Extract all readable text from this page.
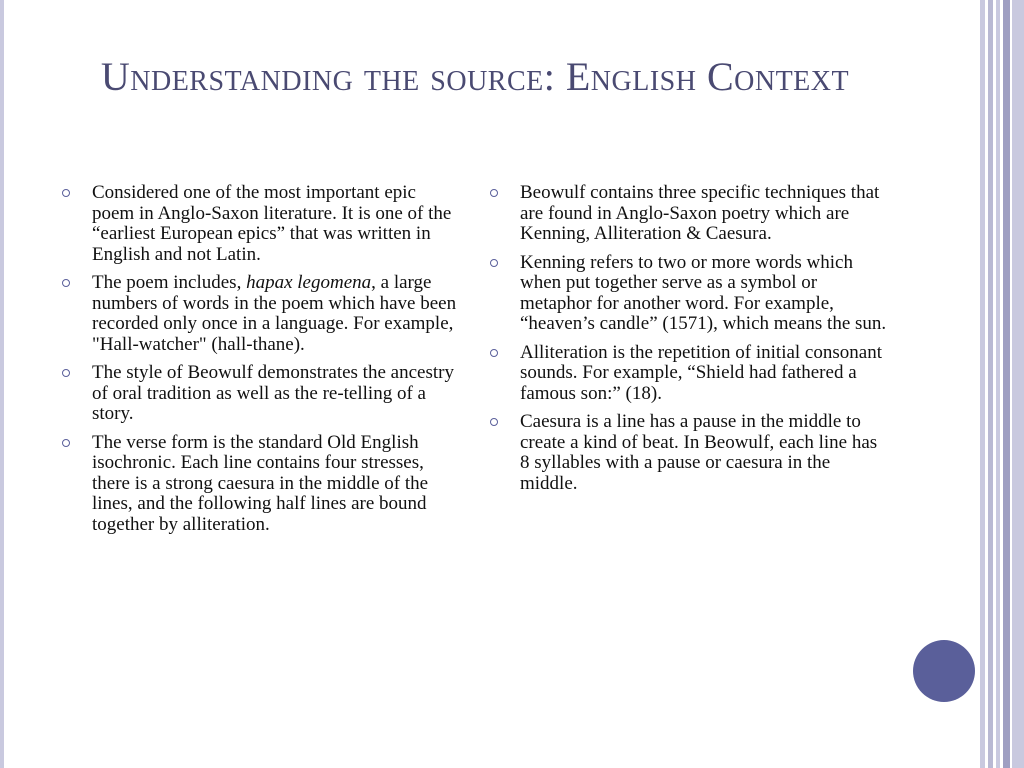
Understanding the source: English Context
Considered one of the most important epic poem in Anglo-Saxon literature. It is one of the “earliest European epics” that was written in English and not Latin.
The poem includes, hapax legomena, a large numbers of words in the poem which have been recorded only once in a language. For example, "Hall-watcher" (hall-thane).
The style of Beowulf demonstrates the ancestry of oral tradition as well as the re-telling of a story.
The verse form is the standard Old English isochronic. Each line contains four stresses, there is a strong caesura in the middle of the lines, and the following half lines are bound together by alliteration.
Beowulf contains three specific techniques that are found in Anglo-Saxon poetry which are Kenning, Alliteration & Caesura.
Kenning refers to two or more words which when put together serve as a symbol or metaphor for another word. For example, “heaven’s candle” (1571), which means the sun.
Alliteration is the repetition of initial consonant sounds. For example, “Shield had fathered a famous son:” (18).
Caesura is a line has a pause in the middle to create a kind of beat. In Beowulf, each line has 8 syllables with a pause or caesura in the middle.
